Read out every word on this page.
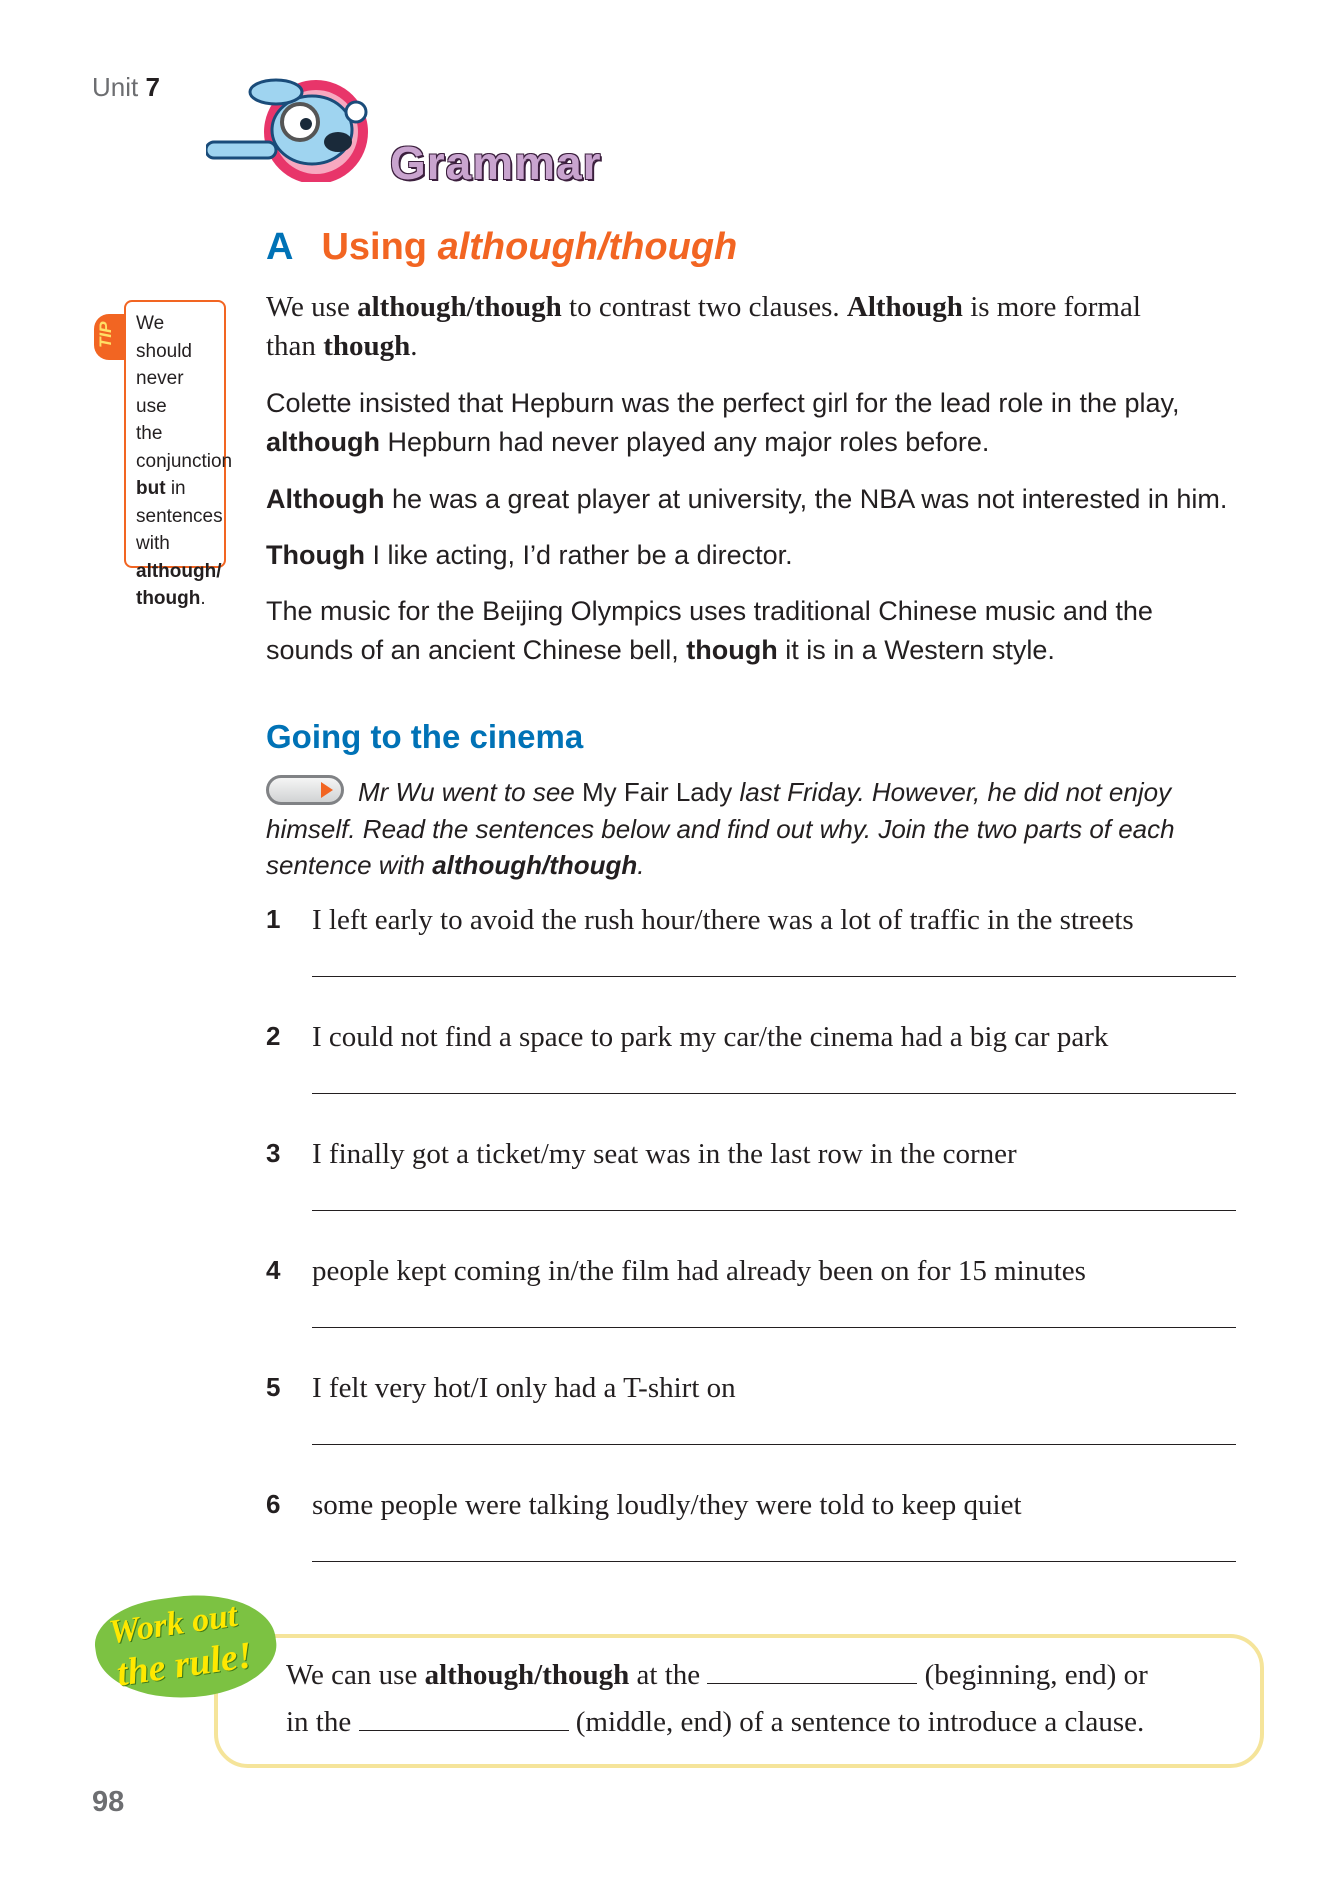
Unit 7
Grammar
A Using although/though
TIP We should
never use
the
conjunction
but in
sentences
with
although/
though.
We use although/though to contrast two clauses. Although is more formal
than though.
Colette insisted that Hepburn was the perfect girl for the lead role in the play,
although Hepburn had never played any major roles before.
Although he was a great player at university, the NBA was not interested in him.
Though I like acting, I’d rather be a director.
The music for the Beijing Olympics uses traditional Chinese music and the
sounds of an ancient Chinese bell, though it is in a Western style.
Going to the cinema
Mr Wu went to see My Fair Lady last Friday. However, he did not enjoy
himself. Read the sentences below and find out why. Join the two parts of each
sentence with although/though.
1 I left early to avoid the rush hour/there was a lot of traffic in the streets
2 I could not find a space to park my car/the cinema had a big car park
3 I finally got a ticket/my seat was in the last row in the corner
4 people kept coming in/the film had already been on for 15 minutes
5 I felt very hot/I only had a T-shirt on
6 some people were talking loudly/they were told to keep quiet
Work out
the rule! We can use although/though at the	(beginning, end) or
in the	(middle, end) of a sentence to introduce a clause.
98
